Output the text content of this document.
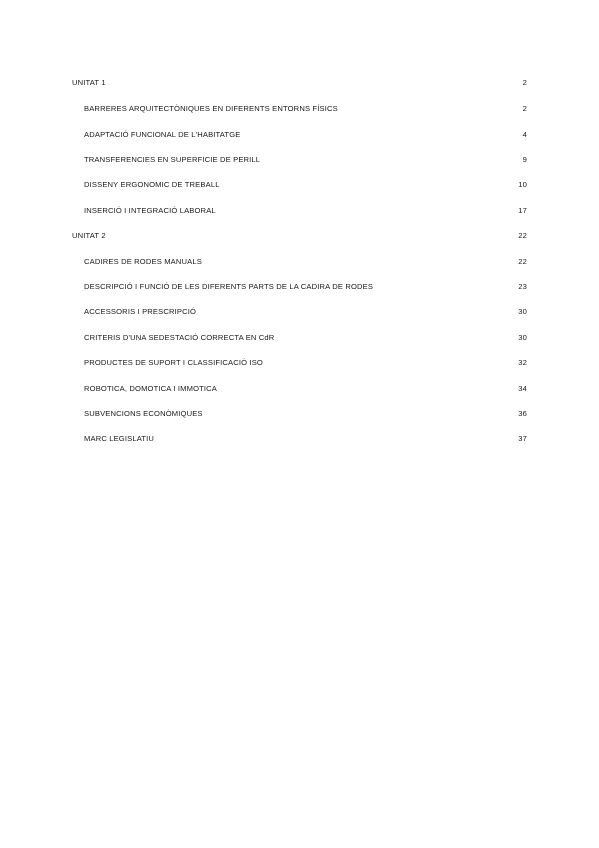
UNITAT 1	2
BARRERES ARQUITECTÒNIQUES EN DIFERENTS ENTORNS FÍSICS	2
ADAPTACIÓ FUNCIONAL DE L'HABITATGE	4
TRANSFERENCIES EN SUPERFICIE DE PERILL	9
DISSENY ERGONOMIC DE TREBALL	10
INSERCIÓ I INTEGRACIÓ LABORAL	17
UNITAT 2	22
CADIRES DE RODES MANUALS	22
DESCRIPCIÓ I FUNCIÓ DE LES DIFERENTS PARTS DE LA CADIRA DE RODES	23
ACCESSORIS I PRESCRIPCIÓ	30
CRITERIS D'UNA SEDESTACIÓ CORRECTA EN CdR	30
PRODUCTES DE SUPORT I CLASSIFICACIÓ ISO	32
ROBOTICA, DOMOTICA I IMMOTICA	34
SUBVENCIONS ECONÒMIQUES	36
MARC LEGISLATIU	37
